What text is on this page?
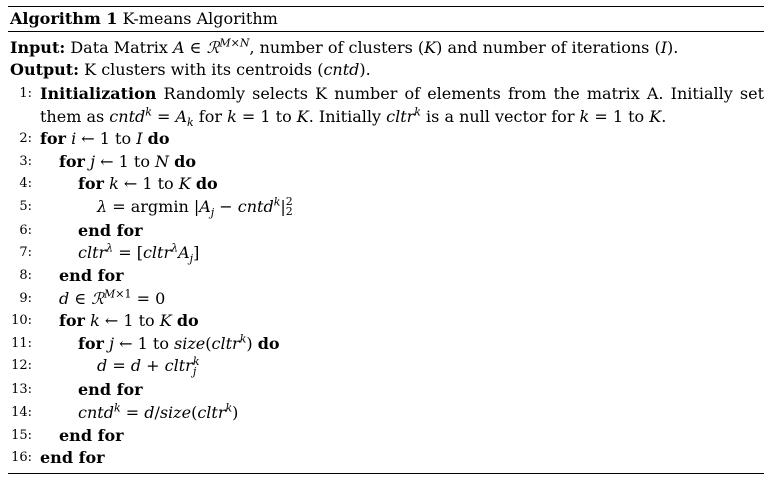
Algorithm 1 K-means Algorithm
Input: Data Matrix A ∈ ℛ$^{M\times N}$, number of clusters (K) and number of iterations (I).
Output: K clusters with its centroids (cntd).
1: Initialization Randomly selects K number of elements from the matrix A. Initially set them as cntd$^k$ = $A_k$ for k = 1 to K. Initially cltr$^k$ is a null vector for k = 1 to K.
2: for i ← 1 to I do
3: for j ← 1 to N do
4:	for k ← 1 to K do
5:	λ = argmin $|A_j$ − cntd$^k$| 2
2
6:	end for
7:	cltr$^\lambda$ = $[cltr^\lambda A_j]$
8: end for
9: d ∈ ℛ$^{M\times 1}$ = 0
10: for k ← 1 to K do
11:	for j ← 1 to size(cltr$^k$) do
12:	d = d + cltr k
j
13:	end for
14:	cntd$^k$ = d/size(cltr$^k$)
15: end for
16: end for
